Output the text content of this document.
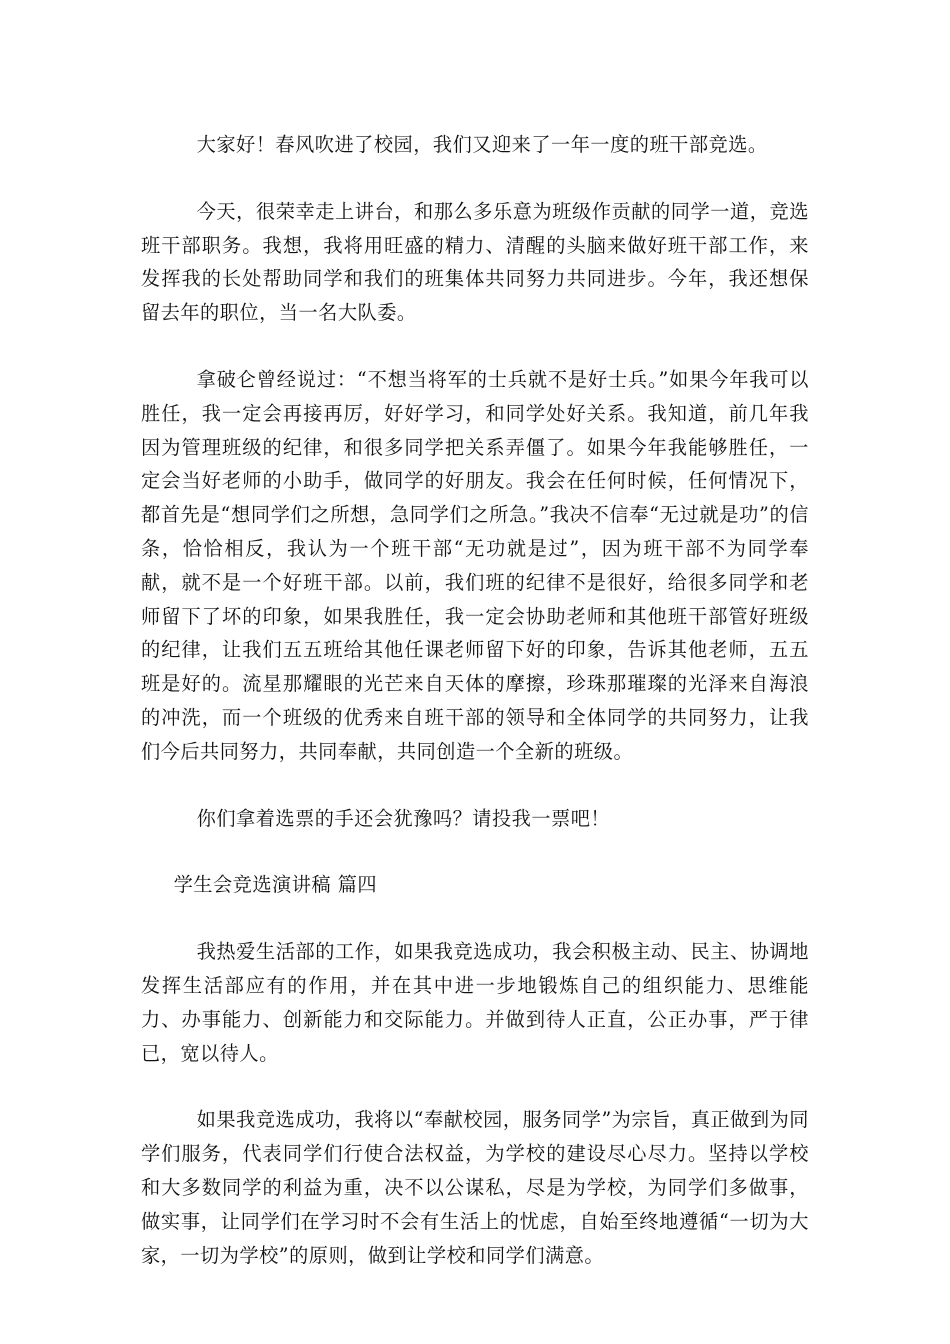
大家好！春风吹进了校园，我们又迎来了一年一度的班干部竞选。

今天，很荣幸走上讲台，和那么多乐意为班级作贡献的同学一道，竞选班干部职务。我想，我将用旺盛的精力、清醒的头脑来做好班干部工作，来发挥我的长处帮助同学和我们的班集体共同努力共同进步。今年，我还想保留去年的职位，当一名大队委。

拿破仑曾经说过：“不想当将军的士兵就不是好士兵。”如果今年我可以胜任，我一定会再接再厉，好好学习，和同学处好关系。我知道，前几年我因为管理班级的纪律，和很多同学把关系弄僵了。如果今年我能够胜任，一定会当好老师的小助手，做同学的好朋友。我会在任何时候，任何情况下，都首先是“想同学们之所想，急同学们之所急。”我决不信奉“无过就是功”的信条，恰恰相反，我认为一个班干部“无功就是过”，因为班干部不为同学奉献，就不是一个好班干部。以前，我们班的纪律不是很好，给很多同学和老师留下了坏的印象，如果我胜任，我一定会协助老师和其他班干部管好班级的纪律，让我们五五班给其他任课老师留下好的印象，告诉其他老师，五五班是好的。流星那耀眼的光芒来自天体的摩擦，珍珠那璀璨的光泽来自海浪的冲洗，而一个班级的优秀来自班干部的领导和全体同学的共同努力，让我们今后共同努力，共同奉献，共同创造一个全新的班级。

你们拿着选票的手还会犹豫吗？请投我一票吧！

学生会竞选演讲稿 篇四

我热爱生活部的工作，如果我竞选成功，我会积极主动、民主、协调地发挥生活部应有的作用，并在其中进一步地锻炼自己的组织能力、思维能力、办事能力、创新能力和交际能力。并做到待人正直，公正办事，严于律已，宽以待人。

如果我竞选成功，我将以“奉献校园，服务同学”为宗旨，真正做到为同学们服务，代表同学们行使合法权益，为学校的建设尽心尽力。坚持以学校和大多数同学的利益为重，决不以公谋私，尽是为学校，为同学们多做事，做实事，让同学们在学习时不会有生活上的忧虑，自始至终地遵循“一切为大家，一切为学校”的原则，做到让学校和同学们满意。
